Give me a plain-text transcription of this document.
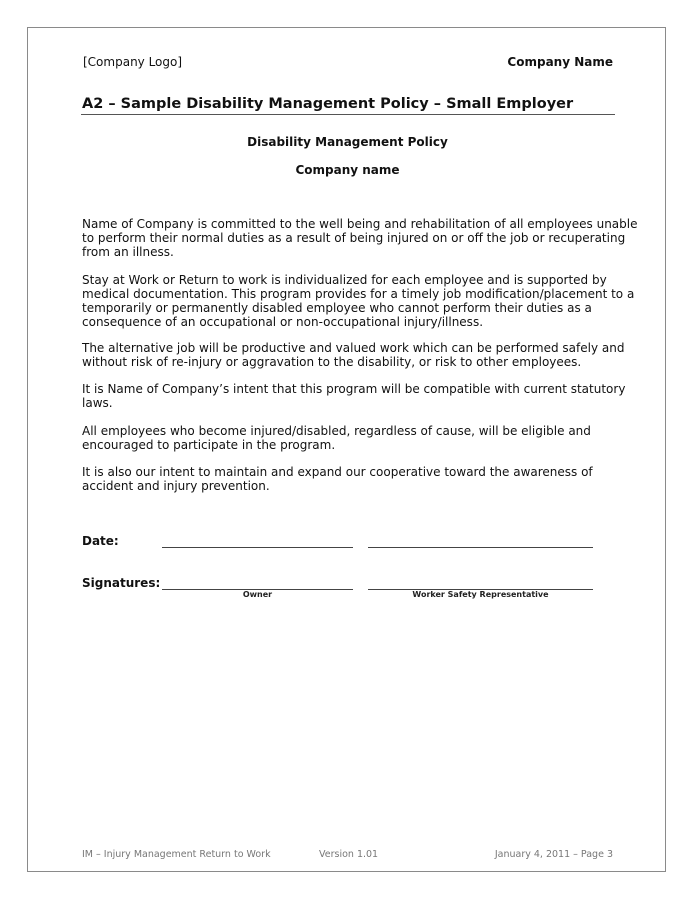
[Company Logo]	Company Name
A2 – Sample Disability Management Policy – Small Employer
Disability Management Policy
Company name
Name of Company is committed to the well being and rehabilitation of all employees unable
to perform their normal duties as a result of being injured on or off the job or recuperating
from an illness.
Stay at Work or Return to work is individualized for each employee and is supported by
medical documentation. This program provides for a timely job modification/placement to a
temporarily or permanently disabled employee who cannot perform their duties as a
consequence of an occupational or non-occupational injury/illness.
The alternative job will be productive and valued work which can be performed safely and
without risk of re-injury or aggravation to the disability, or risk to other employees.
It is Name of Company’s intent that this program will be compatible with current statutory
laws.
All employees who become injured/disabled, regardless of cause, will be eligible and
encouraged to participate in the program.
It is also our intent to maintain and expand our cooperative toward the awareness of
accident and injury prevention.
Date:
Signatures:
Owner	Worker Safety Representative
IM – Injury Management Return to Work	Version 1.01	January 4, 2011 – Page 3
